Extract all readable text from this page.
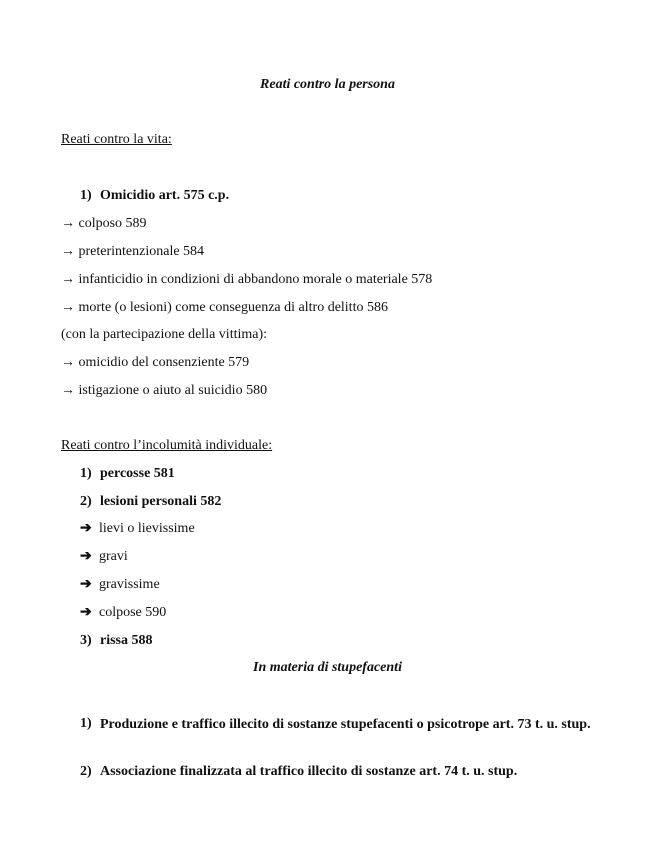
Reati contro la persona
Reati contro la vita:
1) Omicidio art. 575 c.p.
→ colposo 589
→ preterintenzionale 584
→ infanticidio in condizioni di abbandono morale o materiale 578
→ morte (o lesioni) come conseguenza di altro delitto 586
(con la partecipazione della vittima):
→ omicidio del consenziente 579
→ istigazione o aiuto al suicidio 580
Reati contro l’incolumità individuale:
1) percosse 581
2) lesioni personali 582
➔ lievi o lievissime
➔ gravi
➔ gravissime
➔ colpose 590
3) rissa 588
In materia di stupefacenti
1) Produzione e traffico illecito di sostanze stupefacenti o psicotrope art. 73 t. u. stup.
2) Associazione finalizzata al traffico illecito di sostanze art. 74 t. u. stup.
